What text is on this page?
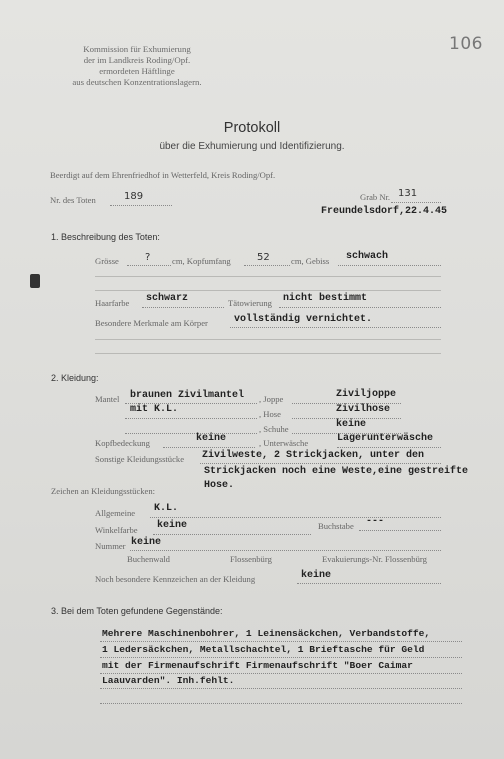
106
Kommission für Exhumierung
der im Landkreis Roding/Opf.
ermordeten Häftlinge
aus deutschen Konzentrationslagern.
Protokoll
über die Exhumierung und Identifizierung.
Beerdigt auf dem Ehrenfriedhof in Wetterfeld, Kreis Roding/Opf.
Nr. des Toten	189	Grab Nr. 131
Freundelsdorf,22.4.45
1. Beschreibung des Toten:
Grösse	?	cm, Kopfumfang	52 cm, Gebiss schwach
Haarfarbe schwarz	Tätowierung nicht bestimmt
Besondere Merkmale am Körper	vollständig vernichtet.
2. Kleidung:
Mantel braunen Zivilmantel , Joppe	Ziviljoppe
mit K.L.	, Hose	Zivilhose
, Schuhe	keine
Kopfbedeckung	keine	, Unterwäsche	Lagerunterwäsche
Sonstige Kleidungsstücke Zivilweste, 2 Strickjacken, unter den
Strickjacken noch eine Weste,eine gestreifte
Hose.
Zeichen an Kleidungsstücken:
Allgemeine K.L.
Winkelfarbe keine	Buchstabe ---
Nummer keine
Buchenwald	Flossenbürg	Evakuierungs-Nr. Flossenbürg
Noch besondere Kennzeichen an der Kleidung	keine
3. Bei dem Toten gefundene Gegenstände:
Mehrere Maschinenbohrer, 1 Leinensäckchen, Verbandstoffe,
1 Ledersäckchen, Metallschachtel, 1 Brieftasche für Geld
mit der Firmenaufschrift Firmenaufschrift "Boer Caimar
Laauvarden". Inh.fehlt.
